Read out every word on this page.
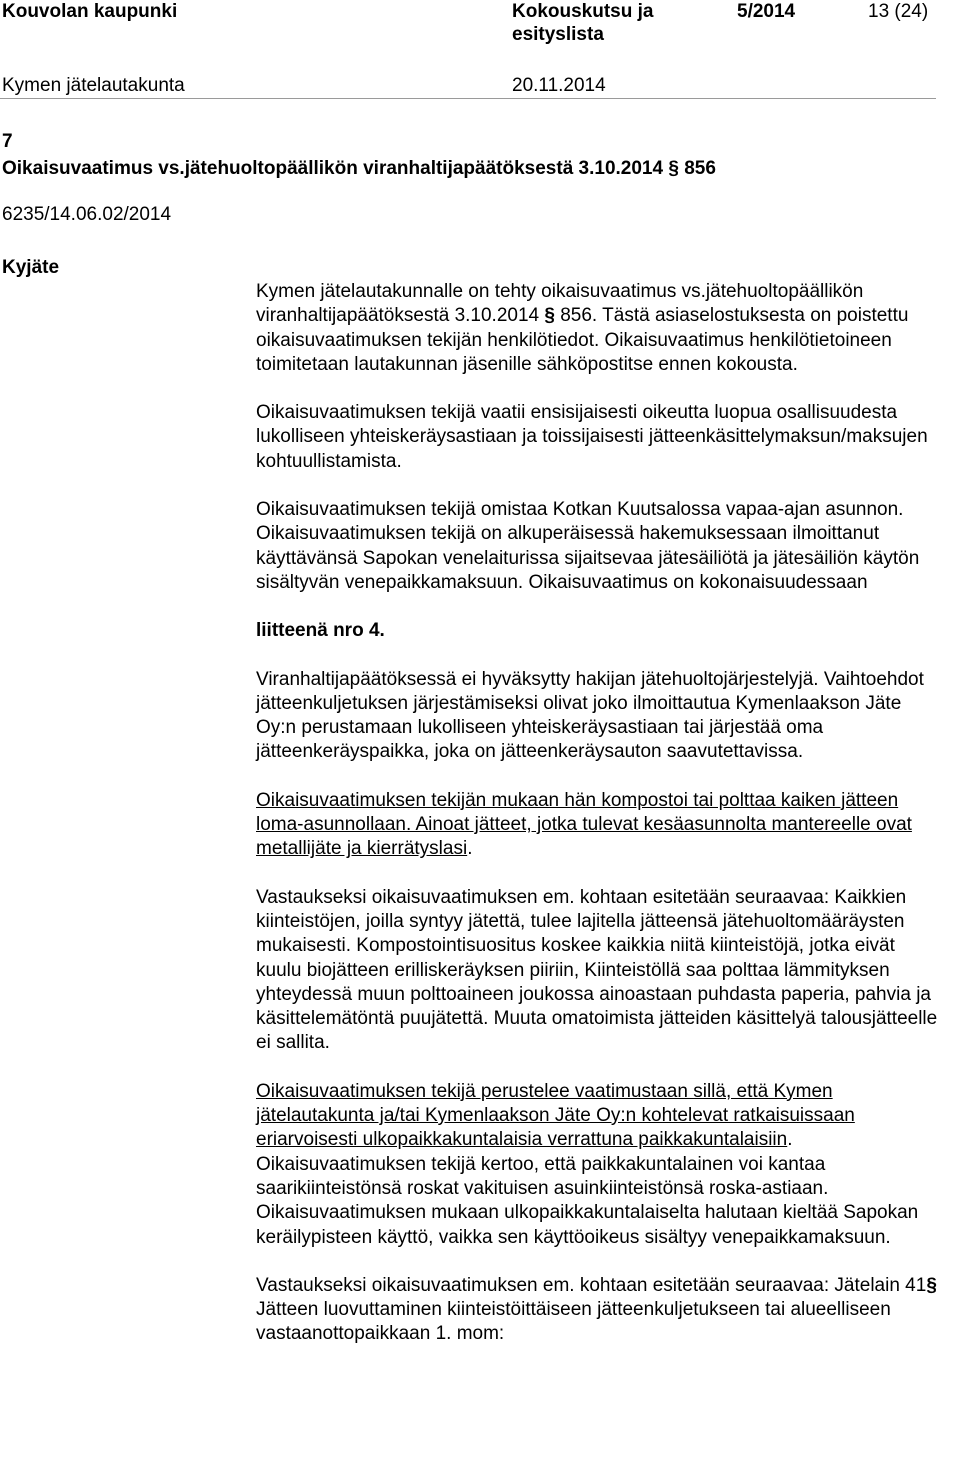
Kouvolan kaupunki	Kokouskutsu ja esityslista
5/2014	13 (24)
Kymen jätelautakunta	20.11.2014
7
Oikaisuvaatimus vs.jätehuoltopäällikön viranhaltijapäätöksestä 3.10.2014 § 856
6235/14.06.02/2014
Kyjäte

Kymen jätelautakunnalle on tehty oikaisuvaatimus vs.jätehuoltopäällikön viranhaltijapäätöksestä 3.10.2014 § 856. Tästä asiaselostuksesta on poistettu oikaisuvaatimuksen tekijän henkilötiedot. Oikaisuvaatimus henkilötietoineen toimitetaan lautakunnan jäsenille sähköpostitse ennen kokousta.

Oikaisuvaatimuksen tekijä vaatii ensisijaisesti oikeutta luopua osallisuudesta lukolliseen yhteiskeräysastiaan ja toissijaisesti jätteenkäsittelymaksun/maksujen kohtuullistamista.

Oikaisuvaatimuksen tekijä omistaa Kotkan Kuutsalossa vapaa-ajan asunnon. Oikaisuvaatimuksen tekijä on alkuperäisessä hakemuksessaan ilmoittanut käyttävänsä Sapokan venelaiturissa sijaitsevaa jätesäiliötä ja jätesäiliön käytön sisältyvän venepaikkamaksuun. Oikaisuvaatimus on kokonaisuudessaan

liitteenä nro 4.

Viranhaltijapäätöksessä ei hyväksytty hakijan jätehuoltojärjestelyjä. Vaihtoehdot jätteenkuljetuksen järjestämiseksi olivat joko ilmoittautua Kymenlaakson Jäte Oy:n perustamaan lukolliseen yhteiskeräysastiaan tai järjestää oma jätteenkeräyspaikka, joka on jätteenkeräysauton saavutettavissa.

Oikaisuvaatimuksen tekijän mukaan hän kompostoi tai polttaa kaiken jätteen loma-asunnollaan. Ainoat jätteet, jotka tulevat kesäasunnolta mantereelle ovat metallijäte ja kierrätyslasi.

Vastaukseksi oikaisuvaatimuksen em. kohtaan esitetään seuraavaa: Kaikkien kiinteistöjen, joilla syntyy jätettä, tulee lajitella jätteensä jätehuoltomääräysten mukaisesti. Kompostointisuositus koskee kaikkia niitä kiinteistöjä, jotka eivät kuulu biojätteen erilliskeräyksen piiriin, Kiinteistöllä saa polttaa lämmityksen yhteydessä muun polttoaineen joukossa ainoastaan puhdasta paperia, pahvia ja käsittelemätöntä puujätettä. Muuta omatoimista jätteiden käsittelyä talousjätteelle ei sallita.

Oikaisuvaatimuksen tekijä perustelee vaatimustaan sillä, että Kymen jätelautakunta ja/tai Kymenlaakson Jäte Oy:n kohtelevat ratkaisuissaan eriarvoisesti ulkopaikkakuntalaisia verrattuna paikkakuntalaisiin. Oikaisuvaatimuksen tekijä kertoo, että paikkakuntalainen voi kantaa saarikiinteistönsä roskat vakituisen asuinkiinteistönsä roska-astiaan. Oikaisuvaatimuksen mukaan ulkopaikkakuntalaiselta halutaan kieltää Sapokan keräilypisteen käyttö, vaikka sen käyttöoikeus sisältyy venepaikkamaksuun.

Vastaukseksi oikaisuvaatimuksen em. kohtaan esitetään seuraavaa: Jätelain 41§ Jätteen luovuttaminen kiinteistöittäiseen jätteenkuljetukseen tai alueelliseen vastaanottopaikkaan 1. mom:
